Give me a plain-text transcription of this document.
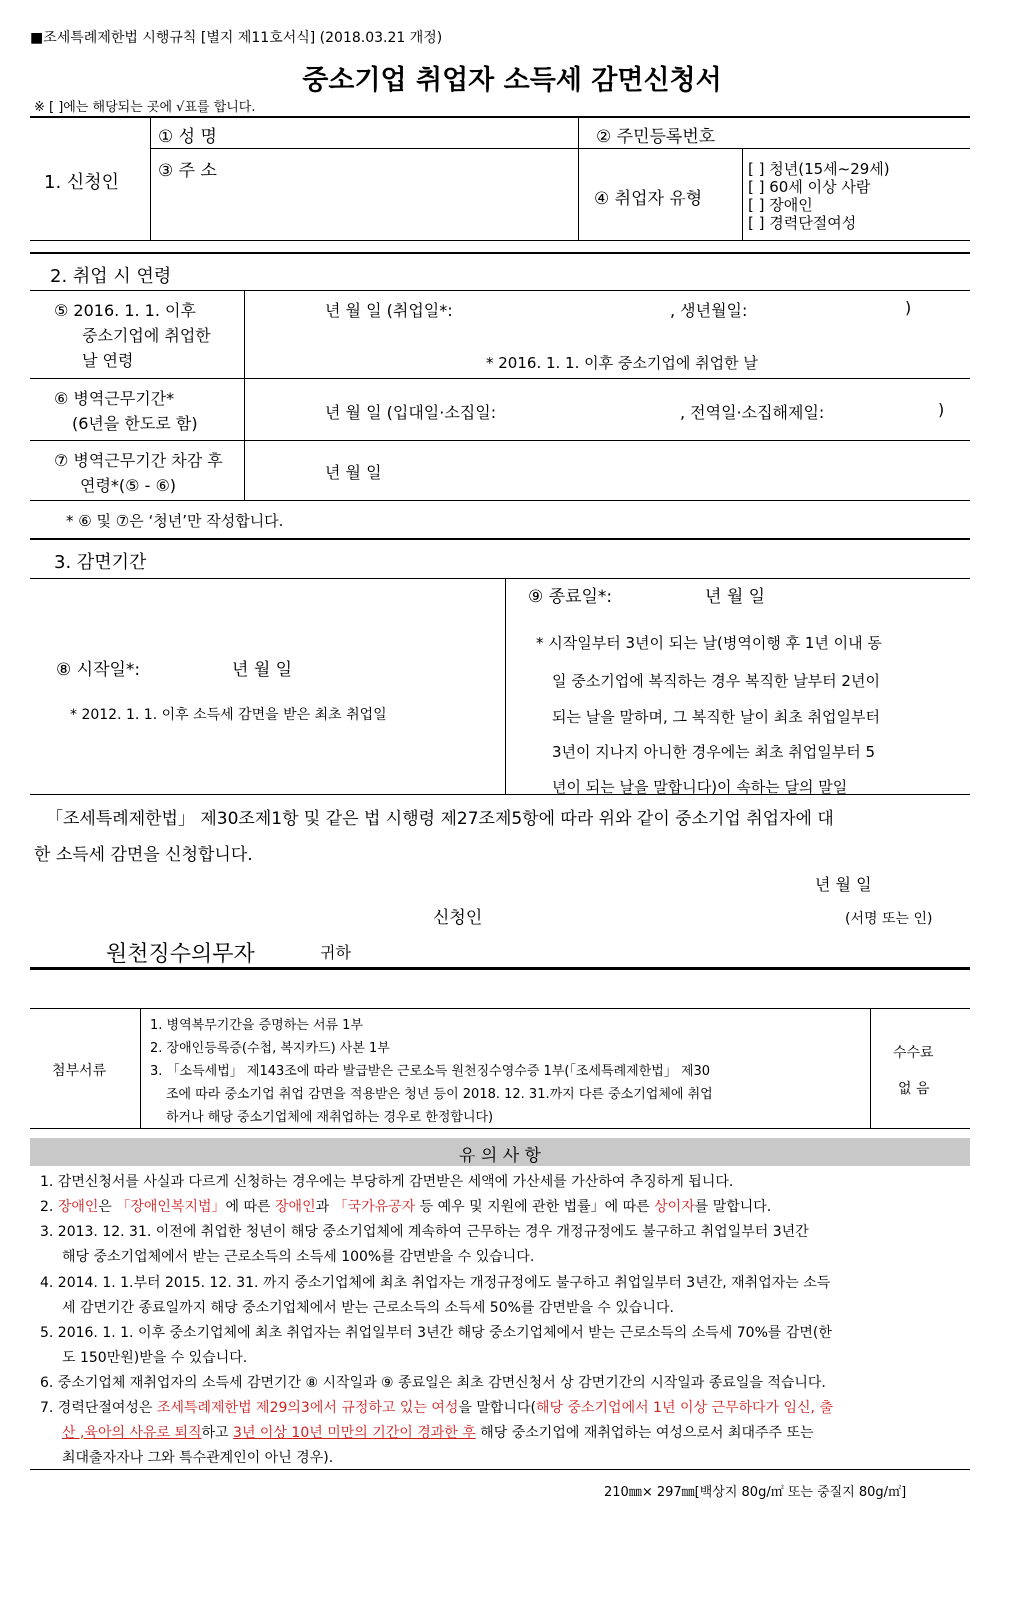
■조세특례제한법 시행규칙 [별지 제11호서식] (2018.03.21 개정)
중소기업 취업자 소득세 감면신청서
※ [ ]에는 해당되는 곳에 √표를 합니다.
1. 신청인
① 성 명	② 주민등록번호
③ 주 소
④ 취업자 유형
[ ] 청년(15세∼29세)
[ ] 60세 이상 사람
[ ] 장애인
[ ] 경력단절여성
2. 취업 시 연령
⑤ 2016. 1. 1. 이후
중소기업에 취업한
날 연령
년 월 일 (취업일*:	, 생년월일:	)
* 2016. 1. 1. 이후 중소기업에 취업한 날
⑥ 병역근무기간*
(6년을 한도로 함)
년 월 일 (입대일·소집일:	, 전역일·소집해제일:	)
⑦ 병역근무기간 차감 후
연령*(⑤ - ⑥)
년 월 일
* ⑥ 및 ⑦은 ‘청년’만 작성합니다.
3. 감면기간
⑧ 시작일*:	년 월 일
* 2012. 1. 1. 이후 소득세 감면을 받은 최초 취업일
⑨ 종료일*:	년 월 일
* 시작일부터 3년이 되는 날(병역이행 후 1년 이내 동
일 중소기업에 복직하는 경우 복직한 날부터 2년이
되는 날을 말하며, 그 복직한 날이 최초 취업일부터
3년이 지나지 아니한 경우에는 최초 취업일부터 5
년이 되는 날을 말합니다)이 속하는 달의 말일
「조세특례제한법」 제30조제1항 및 같은 법 시행령 제27조제5항에 따라 위와 같이 중소기업 취업자에 대
한 소득세 감면을 신청합니다.
년 월 일
신청인	(서명 또는 인)
원천징수의무자	귀하
첨부서류
1. 병역복무기간을 증명하는 서류 1부
2. 장애인등록증(수첩, 복지카드) 사본 1부
3. 「소득세법」 제143조에 따라 발급받은 근로소득 원천징수영수증 1부(「조세특례제한법」 제30
조에 따라 중소기업 취업 감면을 적용받은 청년 등이 2018. 12. 31.까지 다른 중소기업체에 취업
하거나 해당 중소기업체에 재취업하는 경우로 한정합니다)
수수료
없 음
유 의 사 항
1. 감면신청서를 사실과 다르게 신청하는 경우에는 부당하게 감면받은 세액에 가산세를 가산하여 추징하게 됩니다.
2. 장애인은 「장애인복지법」에 따른 장애인과 「국가유공자 등 예우 및 지원에 관한 법률」에 따른 상이자를 말합니다.
3. 2013. 12. 31. 이전에 취업한 청년이 해당 중소기업체에 계속하여 근무하는 경우 개정규정에도 불구하고 취업일부터 3년간
해당 중소기업체에서 받는 근로소득의 소득세 100%를 감면받을 수 있습니다.
4. 2014. 1. 1.부터 2015. 12. 31. 까지 중소기업체에 최초 취업자는 개정규정에도 불구하고 취업일부터 3년간, 재취업자는 소득
세 감면기간 종료일까지 해당 중소기업체에서 받는 근로소득의 소득세 50%를 감면받을 수 있습니다.
5. 2016. 1. 1. 이후 중소기업체에 최초 취업자는 취업일부터 3년간 해당 중소기업체에서 받는 근로소득의 소득세 70%를 감면(한
도 150만원)받을 수 있습니다.
6. 중소기업체 재취업자의 소득세 감면기간 ⑧ 시작일과 ⑨ 종료일은 최초 감면신청서 상 감면기간의 시작일과 종료일을 적습니다.
7. 경력단절여성은 조세특례제한법 제29의3에서 규정하고 있는 여성을 말합니다(해당 중소기업에서 1년 이상 근무하다가 임신, 출
산 ,육아의 사유로 퇴직하고 3년 이상 10년 미만의 기간이 경과한 후 해당 중소기업에 재취업하는 여성으로서 최대주주 또는
최대출자자나 그와 특수관계인이 아닌 경우).
210㎜× 297㎜[백상지 80g/㎡ 또는 중질지 80g/㎡]
